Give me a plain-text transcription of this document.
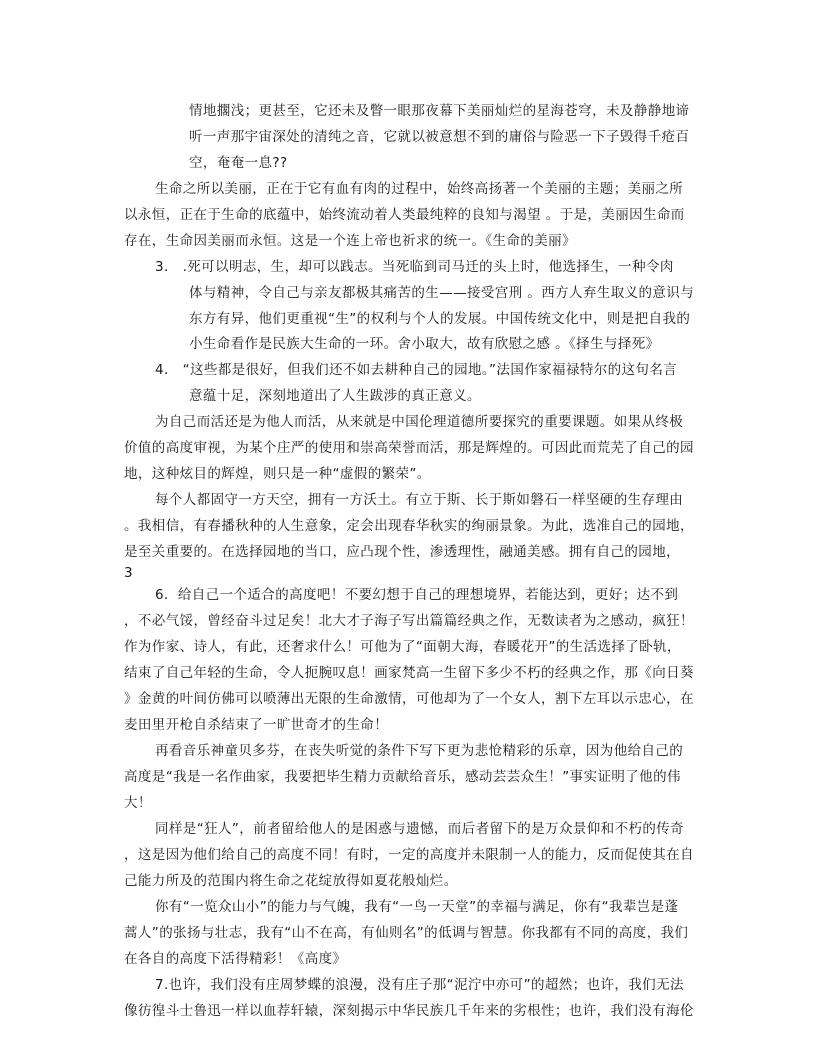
情地擱浅；更甚至，它还未及瞥一眼那夜幕下美丽灿烂的星海苍穹，未及静静地谛
听一声那宇宙深处的清纯之音，它就以被意想不到的庸俗与险恶一下子毁得千疮百
空，奄奄一息??
生命之所以美丽，正在于它有血有肉的过程中，始终高扬著一个美丽的主题；美丽之所
以永恒，正在于生命的底蕴中，始终流动着人类最纯粹的良知与渴望 。于是，美丽因生命而
存在，生命因美丽而永恒。这是一个连上帝也祈求的统一。《生命的美丽》
3． .死可以明志，生，却可以践志。当死临到司马迁的头上时，他选择生，一种令肉
体与精神，令自己与亲友都极其痛苦的生——接受宫刑 。西方人弃生取义的意识与
东方有异，他们更重视“生”的权利与个人的发展。中国传统文化中，则是把自我的
小生命看作是民族大生命的一环。舍小取大，故有欣慰之感 。《择生与择死》
4． “这些都是很好，但我们还不如去耕种自己的园地。”法国作家福禄特尔的这句名言
意蕴十足，深刻地道出了人生跋涉的真正意义。
为自己而活还是为他人而活，从来就是中国伦理道德所要探究的重要课题。如果从终极
价值的高度审视，为某个庄严的使用和崇高荣誉而活，那是辉煌的。可因此而荒芜了自己的园
地，这种炫目的辉煌，则只是一种“虚假的繁荣”。
每个人都固守一方天空，拥有一方沃土。有立于斯、长于斯如磐石一样坚硬的生存理由
。我相信，有春播秋种的人生意象，定会出现春华秋实的绚丽景象。为此，选准自己的园地，
是至关重要的。在选择园地的当口，应凸现个性，渗透理性，融通美感。拥有自己的园地，
3
6．给自己一个适合的高度吧！不要幻想于自己的理想境界，若能达到，更好；达不到
，不必气馁，曾经奋斗过足矣！北大才子海子写出篇篇经典之作，无数读者为之感动，疯狂！
作为作家、诗人，有此，还奢求什么！可他为了“面朝大海，春暖花开”的生活选择了卧轨，
结束了自己年轻的生命，令人扼腕叹息！画家梵高一生留下多少不朽的经典之作，那《向日葵
》金黄的叶间仿佛可以喷薄出无限的生命激情，可他却为了一个女人，割下左耳以示忠心，在
麦田里开枪自杀结束了一旷世奇才的生命！
再看音乐神童贝多芬，在丧失听觉的条件下写下更为悲怆精彩的乐章，因为他给自己的
高度是“我是一名作曲家，我要把毕生精力贡献给音乐，感动芸芸众生！”事实证明了他的伟
大！
同样是“狂人”，前者留给他人的是困惑与遗憾，而后者留下的是万众景仰和不朽的传奇
，这是因为他们给自己的高度不同！有时，一定的高度并未限制一人的能力，反而促使其在自
己能力所及的范围内将生命之花绽放得如夏花般灿烂。
你有“一览众山小”的能力与气魄，我有“一鸟一天堂”的幸福与满足，你有“我辈岂是蓬
蒿人”的张扬与壮志，我有“山不在高，有仙则名”的低调与智慧。你我都有不同的高度，我们
在各自的高度下活得精彩！《高度》
7.也许，我们没有庄周梦蝶的浪漫，没有庄子那“泥泞中亦可”的超然；也许，我们无法
像彷徨斗士鲁迅一样以血荐轩辕，深刻揭示中华民族几千年来的劣根性；也许，我们没有海伦
